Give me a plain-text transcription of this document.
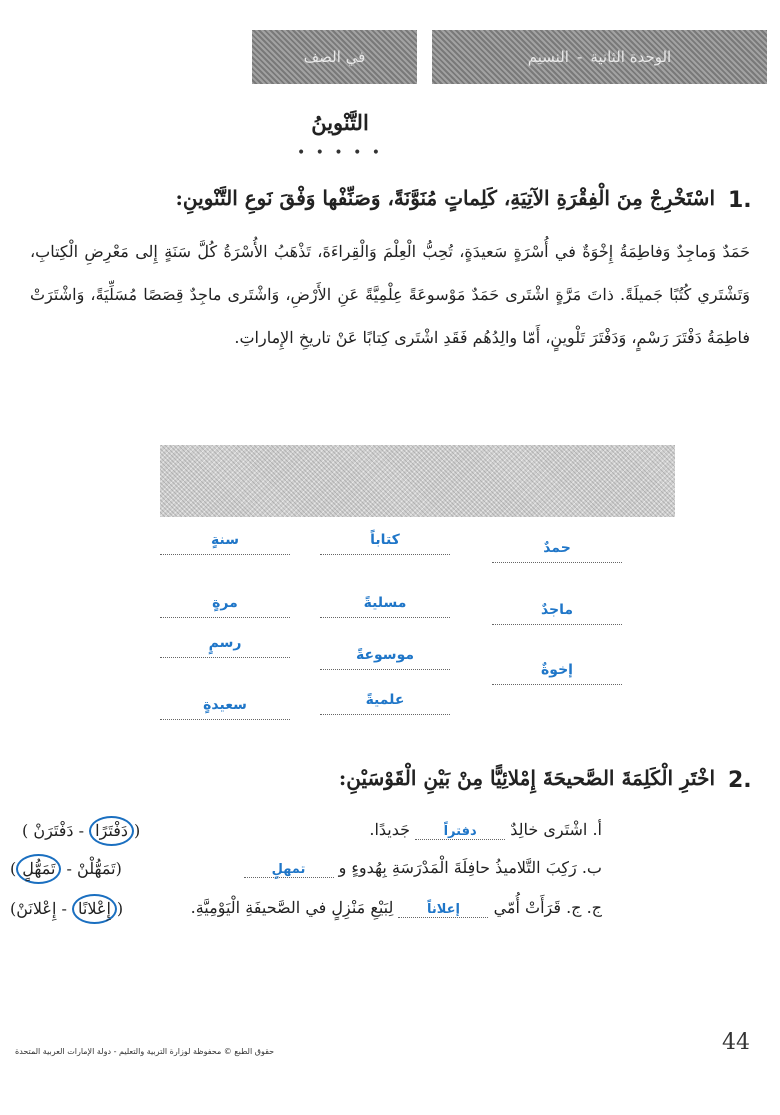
الوحدة الثانية-النسيم
في الصف
التَّنْوينُ
• • • • •
1.
اسْتَخْرِجْ مِنَ الْفِقْرَةِ الآتِيَةِ، كَلِماتٍ مُنَوَّنَةً، وَصَنِّفْها وَفْقَ نَوعِ التَّنْوينِ:
حَمَدٌ وَماجِدٌ وَفاطِمَةُ إِخْوَةٌ في أُسْرَةٍ سَعيدَةٍ، تُحِبُّ الْعِلْمَ وَالْقِراءَةَ، تَذْهَبُ الأُسْرَةُ كُلَّ سَنَةٍ إِلى مَعْرِضِ الْكِتابِ، وَتَشْتَري كُتُبًا جَميلَةً. ذاتَ مَرَّةٍ اشْتَرى حَمَدٌ مَوْسوعَةً عِلْمِيَّةً عَنِ الأَرْضِ، وَاشْتَرى ماجِدٌ قِصَصًا مُسَلِّيَةً، وَاشْتَرَتْ فاطِمَةُ دَفْتَرَ رَسْمٍ، وَدَفْتَرَ تَلْوينٍ، أَمّا والِدُهُم فَقَدِ اشْتَرى كِتابًا عَنْ تاريخِ الإِماراتِ.
حمدٌ
ماجدٌ
إخوةٌ
كتاباً
مسليةً
موسوعةً
علميةً
سنةٍ
مرةٍ
رسمٍ
سعيدةٍ
2.
اخْتَرِ الْكَلِمَةَ الصَّحيحَةَ إِمْلائِيًّا مِنْ بَيْنِ الْقَوْسَيْنِ:
أ. اشْتَرى خالِدٌ دفتراً جَديدًا.
(دَفْتَرًا - دَفْتَرَنْ )
ب. رَكِبَ التَّلاميذُ حافِلَةَ الْمَدْرَسَةِ بِهُدوءٍ و تمهلٍ
(تَمَهُّلْنْ - تَمَهُّلٍ)
ج. ج. قَرَأَتْ أُمّي إعلاناً لِبَيْعِ مَنْزِلٍ في الصَّحيفَةِ الْيَوْمِيَّةِ.
(إِعْلانًا - إِعْلانَنْ)
حقوق الطبع © محفوظة لوزارة التربية والتعليم - دولة الإمارات العربية المتحدة	44
